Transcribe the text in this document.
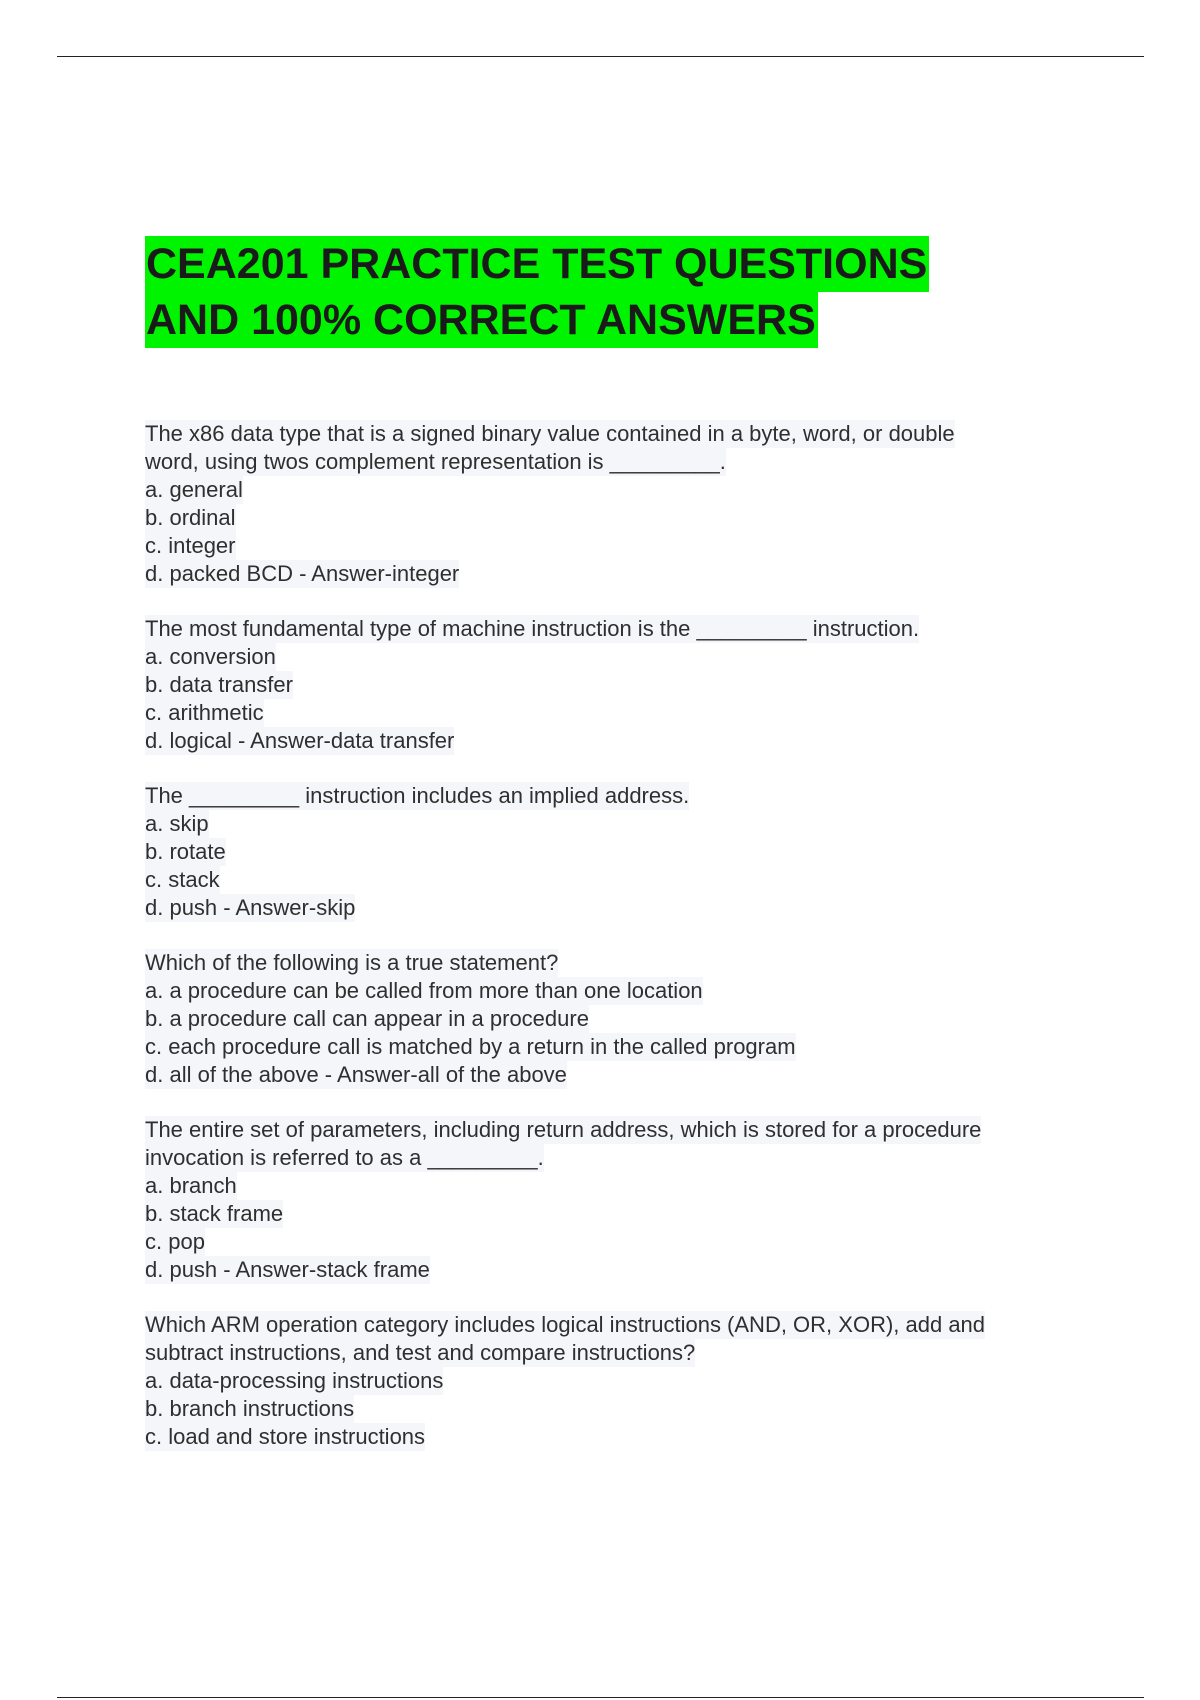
CEA201 PRACTICE TEST QUESTIONS
AND 100% CORRECT ANSWERS
The x86 data type that is a signed binary value contained in a byte, word, or double
word, using twos complement representation is _________.
a. general
b. ordinal
c. integer
d. packed BCD - Answer-integer
The most fundamental type of machine instruction is the _________ instruction.
a. conversion
b. data transfer
c. arithmetic
d. logical - Answer-data transfer
The _________ instruction includes an implied address.
a. skip
b. rotate
c. stack
d. push - Answer-skip
Which of the following is a true statement?
a. a procedure can be called from more than one location
b. a procedure call can appear in a procedure
c. each procedure call is matched by a return in the called program
d. all of the above - Answer-all of the above
The entire set of parameters, including return address, which is stored for a procedure
invocation is referred to as a _________.
a. branch
b. stack frame
c. pop
d. push - Answer-stack frame
Which ARM operation category includes logical instructions (AND, OR, XOR), add and
subtract instructions, and test and compare instructions?
a. data-processing instructions
b. branch instructions
c. load and store instructions
